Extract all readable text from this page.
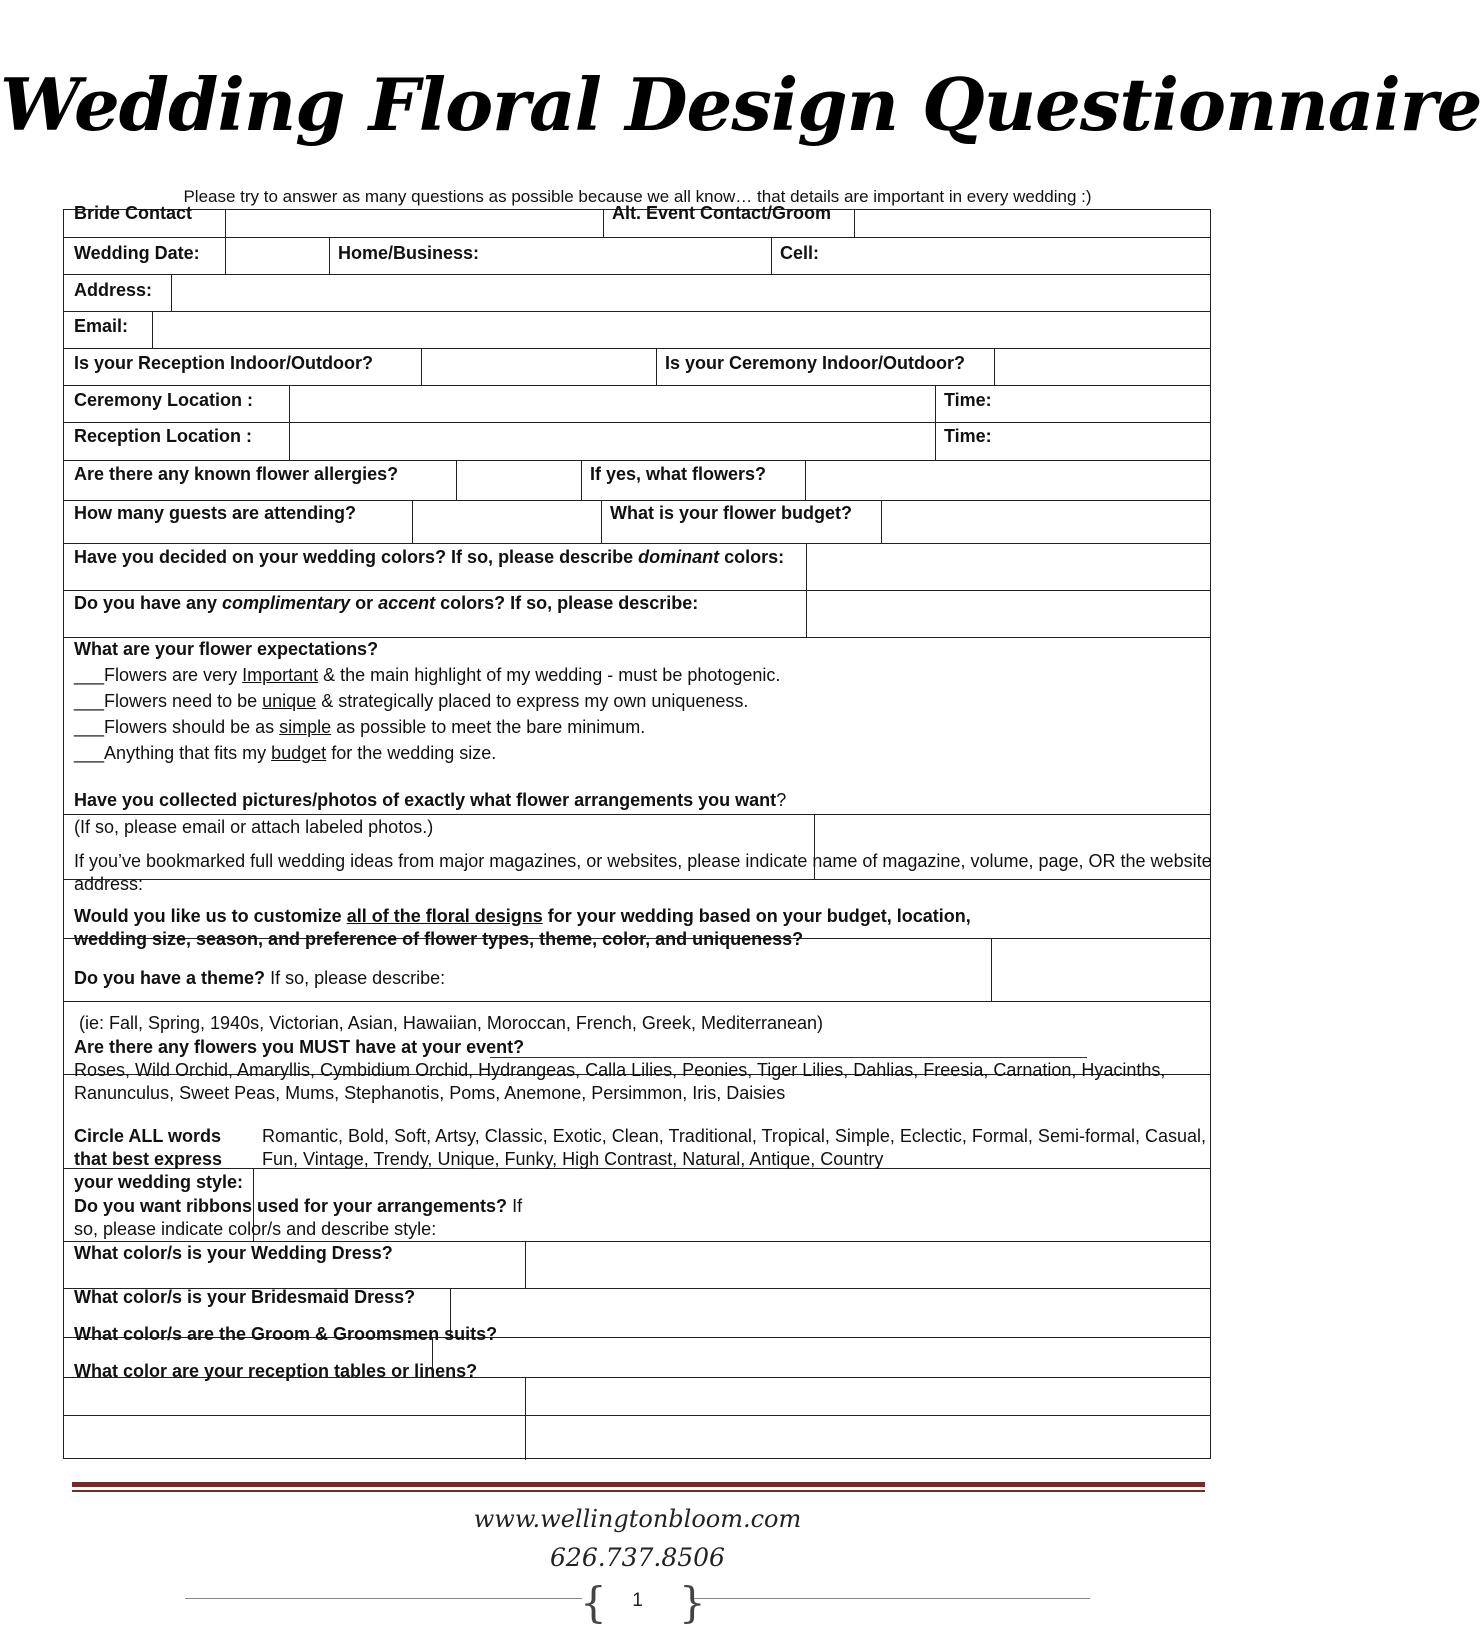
Wedding Floral Design Questionnaire
Please try to answer as many questions as possible because we all know… that details are important in every wedding :)
Bride Contact	Alt. Event Contact/Groom
Wedding Date:	Home/Business:	Cell:
Address:
Email:
Is your Reception Indoor/Outdoor?	Is your Ceremony Indoor/Outdoor?
Ceremony Location :	Time:
Reception Location :	Time:
Are there any known flower allergies?	If yes, what flowers?
How many guests are attending?	What is your flower budget?
Have you decided on your wedding colors? If so, please describe dominant colors:
Do you have any complimentary or accent colors? If so, please describe:
What are your flower expectations?
___Flowers are very Important & the main highlight of my wedding - must be photogenic.
___Flowers need to be unique & strategically placed to express my own uniqueness.
___Flowers should be as simple as possible to meet the bare minimum.
___Anything that fits my budget for the wedding size.
Have you collected pictures/photos of exactly what flower arrangements you want?
(If so, please email or attach labeled photos.)
If you’ve bookmarked full wedding ideas from major magazines, or websites, please indicate name of magazine, volume, page, OR the website
address:
Would you like us to customize all of the floral designs for your wedding based on your budget, location,
wedding size, season, and preference of flower types, theme, color, and uniqueness?
Do you have a theme? If so, please describe:
(ie: Fall, Spring, 1940s, Victorian, Asian, Hawaiian, Moroccan, French, Greek, Mediterranean)
Are there any flowers you MUST have at your event?
Roses, Wild Orchid, Amaryllis, Cymbidium Orchid, Hydrangeas, Calla Lilies, Peonies, Tiger Lilies, Dahlias, Freesia, Carnation, Hyacinths,
Ranunculus, Sweet Peas, Mums, Stephanotis, Poms, Anemone, Persimmon, Iris, Daisies
Circle ALL words
that best express
your wedding style:
Romantic, Bold, Soft, Artsy, Classic, Exotic, Clean, Traditional, Tropical, Simple, Eclectic, Formal, Semi-formal, Casual,
Fun, Vintage, Trendy, Unique, Funky, High Contrast, Natural, Antique, Country
Do you want ribbons used for your arrangements? If
so, please indicate color/s and describe style:
What color/s is your Wedding Dress?
What color/s is your Bridesmaid Dress?
What color/s are the Groom & Groomsmen suits?
What color are your reception tables or linens?
www.wellingtonbloom.com
626.737.8506
{ }
1
